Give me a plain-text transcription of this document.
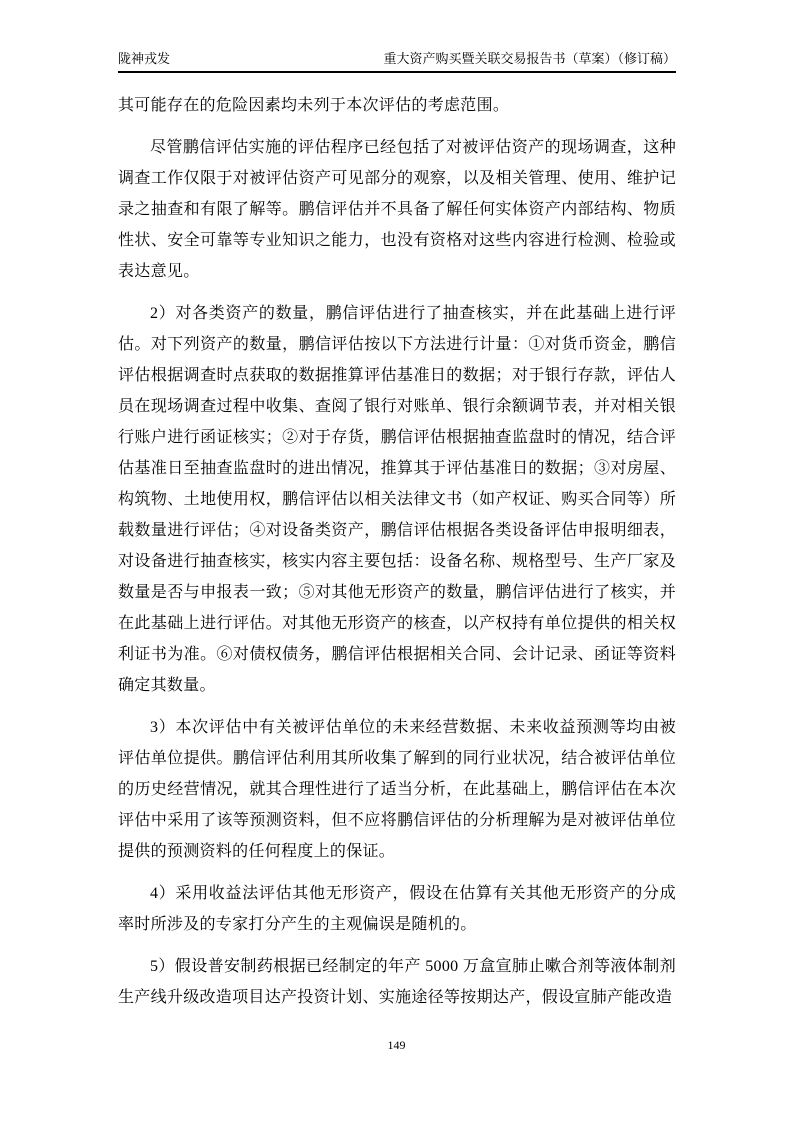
陇神戎发	重大资产购买暨关联交易报告书（草案）（修订稿）

其可能存在的危险因素均未列于本次评估的考虑范围。

尽管鹏信评估实施的评估程序已经包括了对被评估资产的现场调查，这种调查工作仅限于对被评估资产可见部分的观察，以及相关管理、使用、维护记录之抽查和有限了解等。鹏信评估并不具备了解任何实体资产内部结构、物质性状、安全可靠等专业知识之能力，也没有资格对这些内容进行检测、检验或表达意见。

2）对各类资产的数量，鹏信评估进行了抽查核实，并在此基础上进行评估。对下列资产的数量，鹏信评估按以下方法进行计量：①对货币资金，鹏信评估根据调查时点获取的数据推算评估基准日的数据；对于银行存款，评估人员在现场调查过程中收集、查阅了银行对账单、银行余额调节表，并对相关银行账户进行函证核实；②对于存货，鹏信评估根据抽查监盘时的情况，结合评估基准日至抽查监盘时的进出情况，推算其于评估基准日的数据；③对房屋、构筑物、土地使用权，鹏信评估以相关法律文书（如产权证、购买合同等）所载数量进行评估；④对设备类资产，鹏信评估根据各类设备评估申报明细表，对设备进行抽查核实，核实内容主要包括：设备名称、规格型号、生产厂家及数量是否与申报表一致；⑤对其他无形资产的数量，鹏信评估进行了核实，并在此基础上进行评估。对其他无形资产的核查，以产权持有单位提供的相关权利证书为准。⑥对债权债务，鹏信评估根据相关合同、会计记录、函证等资料确定其数量。

3）本次评估中有关被评估单位的未来经营数据、未来收益预测等均由被评估单位提供。鹏信评估利用其所收集了解到的同行业状况，结合被评估单位的历史经营情况，就其合理性进行了适当分析，在此基础上，鹏信评估在本次评估中采用了该等预测资料，但不应将鹏信评估的分析理解为是对被评估单位提供的预测资料的任何程度上的保证。

4）采用收益法评估其他无形资产，假设在估算有关其他无形资产的分成率时所涉及的专家打分产生的主观偏误是随机的。

5）假设普安制药根据已经制定的年产 5000 万盒宣肺止嗽合剂等液体制剂生产线升级改造项目达产投资计划、实施途径等按期达产，假设宣肺产能改造

149
